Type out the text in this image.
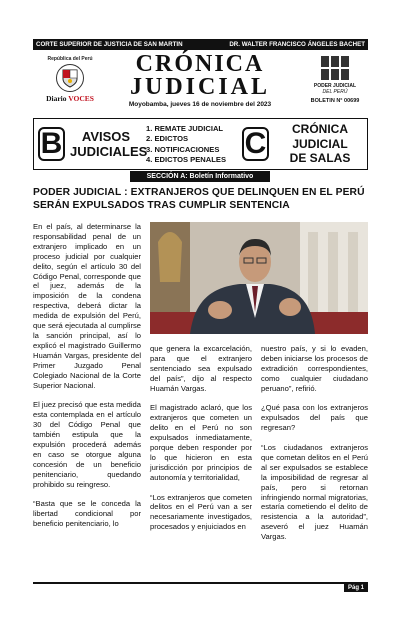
CORTE SUPERIOR DE JUSTICIA DE SAN MARTIN	DR. WALTER FRANCISCO ÁNGELES BACHET
República del Perú
Diario VOCES
CRÓNICA
JUDICIAL
Moyobamba, jueves 16 de noviembre del 2023
PODER JUDICIAL
DEL PERÚ
BOLETIN N° 00699
B	AVISOS
JUDICIALES
1. REMATE JUDICIAL
2. EDICTOS
3. NOTIFICACIONES
4. EDICTOS PENALES C	CRÓNICA
JUDICIAL
DE SALAS
SECCIÓN A: Boletín Informativo
PODER JUDICIAL : EXTRANJEROS QUE DELINQUEN EN EL PERÚ SERÁN EXPULSADOS TRAS CUMPLIR SENTENCIA

En el país, al determinarse la responsabilidad penal de un extranjero implicado en un proceso judicial por cualquier delito, según el artículo 30 del Código Penal, corresponde que el juez, además de la imposición de la condena respectiva, deberá dictar la medida de expulsión del Perú, que será ejecutada al cumplirse la sanción principal, así lo explicó el magistrado Guillermo Huamán Vargas, presidente del Primer Juzgado Penal Colegiado Nacional de la Corte Superior Nacional.

El juez precisó que esta medida esta contemplada en el artículo 30 del Código Penal que también estipula que la expulsión procederá además en caso se otorgue alguna concesión de un beneficio penitenciario, quedando prohibido su reingreso.

“Basta que se le conceda la libertad condicional por beneficio penitenciario, lo

que genera la excarcelación, para que el extranjero sentenciado sea expulsado del país”, dijo al respecto Huamán Vargas.

El magistrado aclaró, que los extranjeros que cometen un delito en el Perú no son expulsados inmediatamente, porque deben responder por lo que hicieron en esta jurisdicción por principios de autonomía y territorialidad,

“Los extranjeros que cometen delitos en el Perú van a ser necesariamente investigados, procesados y enjuiciados en

nuestro país, y si lo evaden, deben iniciarse los procesos de extradición correspondientes, como cualquier ciudadano peruano”, refirió.

¿Qué pasa con los extranjeros expulsados del país que regresan?

“Los ciudadanos extranjeros que cometan delitos en el Perú al ser expulsados se establece la imposibilidad de regresar al país, pero si retornan infringiendo normal migratorias, estaría cometiendo el delito de resistencia a la autoridad”, aseveró el juez Huamán Vargas.

Pág 1
